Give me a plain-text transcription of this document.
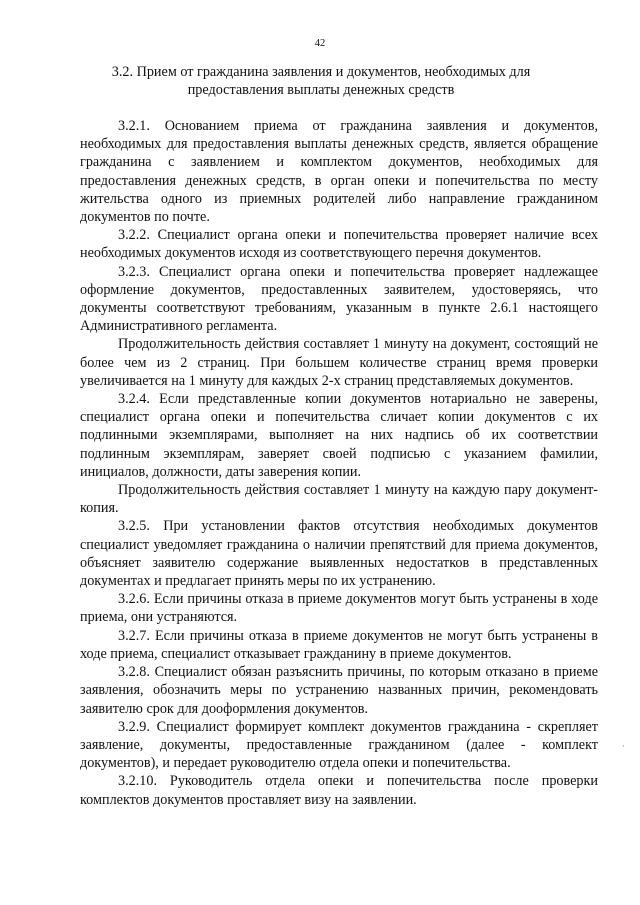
42
3.2. Прием от гражданина заявления и документов, необходимых для
предоставления выплаты денежных средств

3.2.1. Основанием приема от гражданина заявления и документов, необходимых для предоставления выплаты денежных средств, является обращение гражданина с заявлением и комплектом документов, необходимых для предоставления денежных средств, в орган опеки и попечительства по месту жительства одного из приемных родителей либо направление гражданином документов по почте.

3.2.2. Специалист органа опеки и попечительства проверяет наличие всех необходимых документов исходя из соответствующего перечня документов.

3.2.3. Специалист органа опеки и попечительства проверяет надлежащее оформление документов, предоставленных заявителем, удостоверяясь, что документы соответствуют требованиям, указанным в пункте 2.6.1 настоящего Административного регламента.

Продолжительность действия составляет 1 минуту на документ, состоящий не более чем из 2 страниц. При большем количестве страниц время проверки увеличивается на 1 минуту для каждых 2-х страниц представляемых документов.

3.2.4. Если представленные копии документов нотариально не заверены, специалист органа опеки и попечительства сличает копии документов с их подлинными экземплярами, выполняет на них надпись об их соответствии подлинным экземплярам, заверяет своей подписью с указанием фамилии, инициалов, должности, даты заверения копии.

Продолжительность действия составляет 1 минуту на каждую пару документ-копия.

3.2.5. При установлении фактов отсутствия необходимых документов специалист уведомляет гражданина о наличии препятствий для приема документов, объясняет заявителю содержание выявленных недостатков в представленных документах и предлагает принять меры по их устранению.

3.2.6. Если причины отказа в приеме документов могут быть устранены в ходе приема, они устраняются.

3.2.7. Если причины отказа в приеме документов не могут быть устранены в ходе приема, специалист отказывает гражданину в приеме документов.

3.2.8. Специалист обязан разъяснить причины, по которым отказано в приеме заявления, обозначить меры по устранению названных причин, рекомендовать заявителю срок для дооформления документов.

3.2.9. Специалист формирует комплект документов гражданина - скрепляет заявление, документы, предоставленные гражданином (далее - комплект документов), и передает руководителю отдела опеки и попечительства.

3.2.10. Руководитель отдела опеки и попечительства после проверки комплектов документов проставляет визу на заявлении.

·
